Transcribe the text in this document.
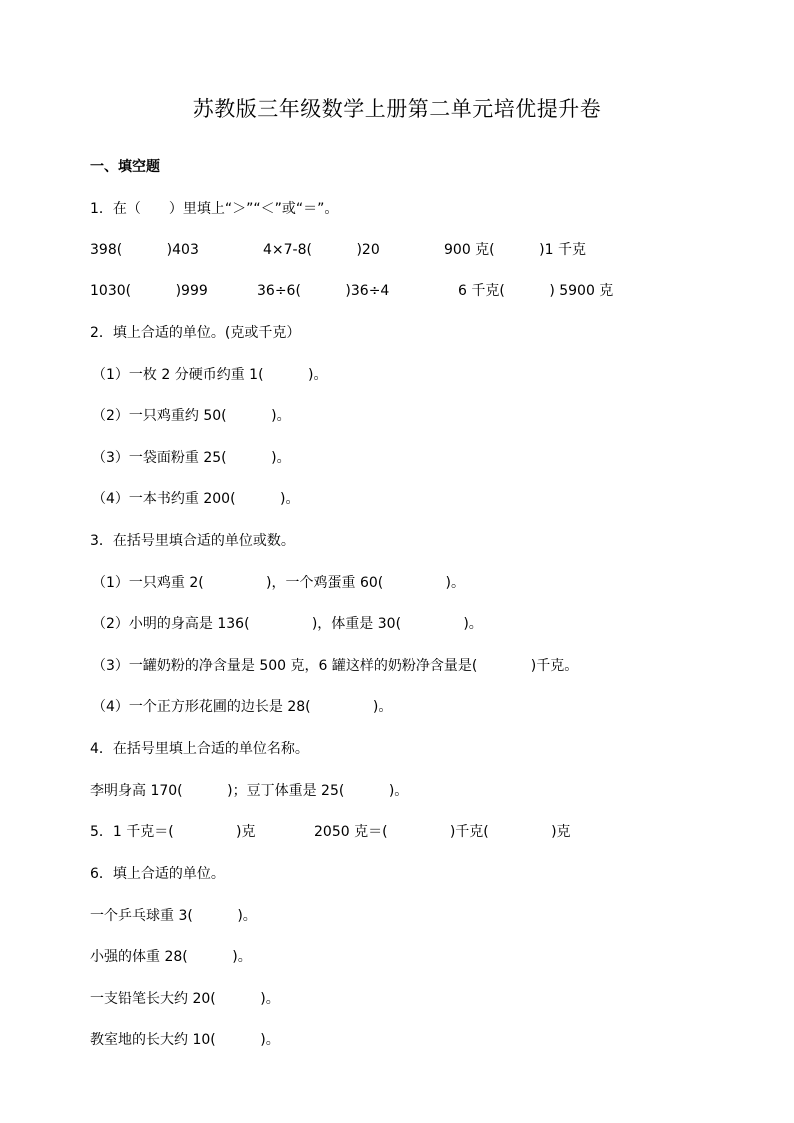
苏教版三年级数学上册第二单元培优提升卷
一、填空题
1．在（　　）里填上“＞”“＜”或“＝”。
398(          )403	4×7-8(          )20	900 克(          )1 千克
1030(          )999	36÷6(          )36÷4	6 千克(          ) 5900 克
2．填上合适的单位。(克或千克）
（1）一枚 2 分硬币约重 1(          )。
（2）一只鸡重约 50(          )。
（3）一袋面粉重 25(          )。
（4）一本书约重 200(          )。
3．在括号里填合适的单位或数。
（1）一只鸡重 2(              )，一个鸡蛋重 60(              )。
（2）小明的身高是 136(              )，体重是 30(              )。
（3）一罐奶粉的净含量是 500 克，6 罐这样的奶粉净含量是(            )千克。
（4）一个正方形花圃的边长是 28(              )。
4．在括号里填上合适的单位名称。
李明身高 170(          )；豆丁体重是 25(          )。
5．1 千克＝(              )克	2050 克＝(              )千克(              )克
6．填上合适的单位。
一个乒乓球重 3(          )。
小强的体重 28(          )。
一支铅笔长大约 20(          )。
教室地的长大约 10(          )。
